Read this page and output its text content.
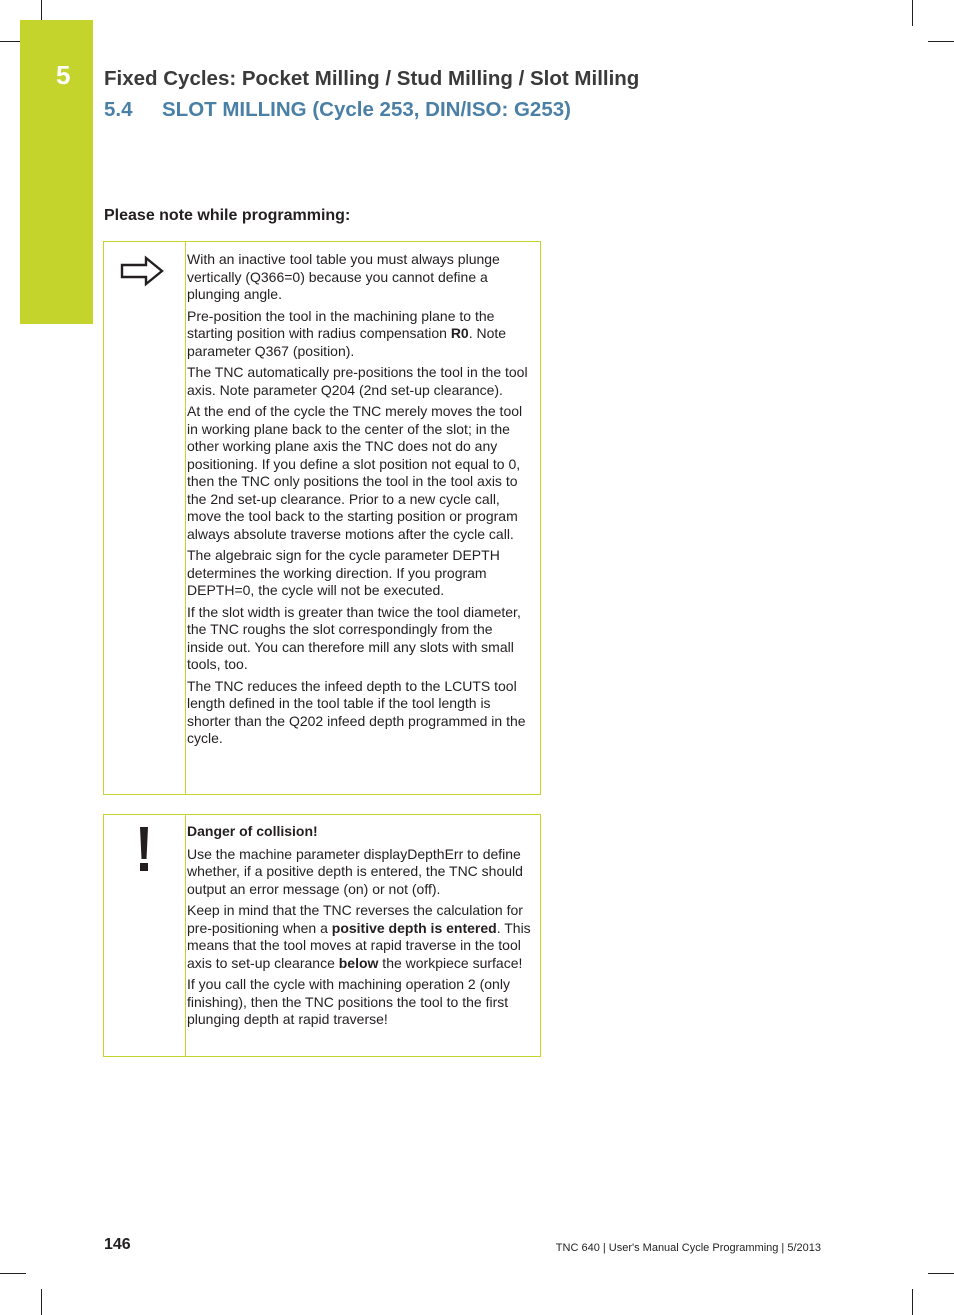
5 Fixed Cycles: Pocket Milling / Stud Milling / Slot Milling
5.4 SLOT MILLING (Cycle 253, DIN/ISO: G253)
Please note while programming:

With an inactive tool table you must always plunge vertically (Q366=0) because you cannot define a plunging angle.

Pre-position the tool in the machining plane to the starting position with radius compensation R0. Note parameter Q367 (position).

The TNC automatically pre-positions the tool in the tool axis. Note parameter Q204 (2nd set-up clearance).

At the end of the cycle the TNC merely moves the tool in working plane back to the center of the slot; in the other working plane axis the TNC does not do any positioning. If you define a slot position not equal to 0, then the TNC only positions the tool in the tool axis to the 2nd set-up clearance. Prior to a new cycle call, move the tool back to the starting position or program always absolute traverse motions after the cycle call.

The algebraic sign for the cycle parameter DEPTH determines the working direction. If you program DEPTH=0, the cycle will not be executed.

If the slot width is greater than twice the tool diameter, the TNC roughs the slot correspondingly from the inside out. You can therefore mill any slots with small tools, too.

The TNC reduces the infeed depth to the LCUTS tool length defined in the tool table if the tool length is shorter than the Q202 infeed depth programmed in the cycle.

Danger of collision!

Use the machine parameter displayDepthErr to define whether, if a positive depth is entered, the TNC should output an error message (on) or not (off).

Keep in mind that the TNC reverses the calculation for pre-positioning when a positive depth is entered. This means that the tool moves at rapid traverse in the tool axis to set-up clearance below the workpiece surface!

If you call the cycle with machining operation 2 (only finishing), then the TNC positions the tool to the first plunging depth at rapid traverse!

146	TNC 640 | User's Manual Cycle Programming | 5/2013
